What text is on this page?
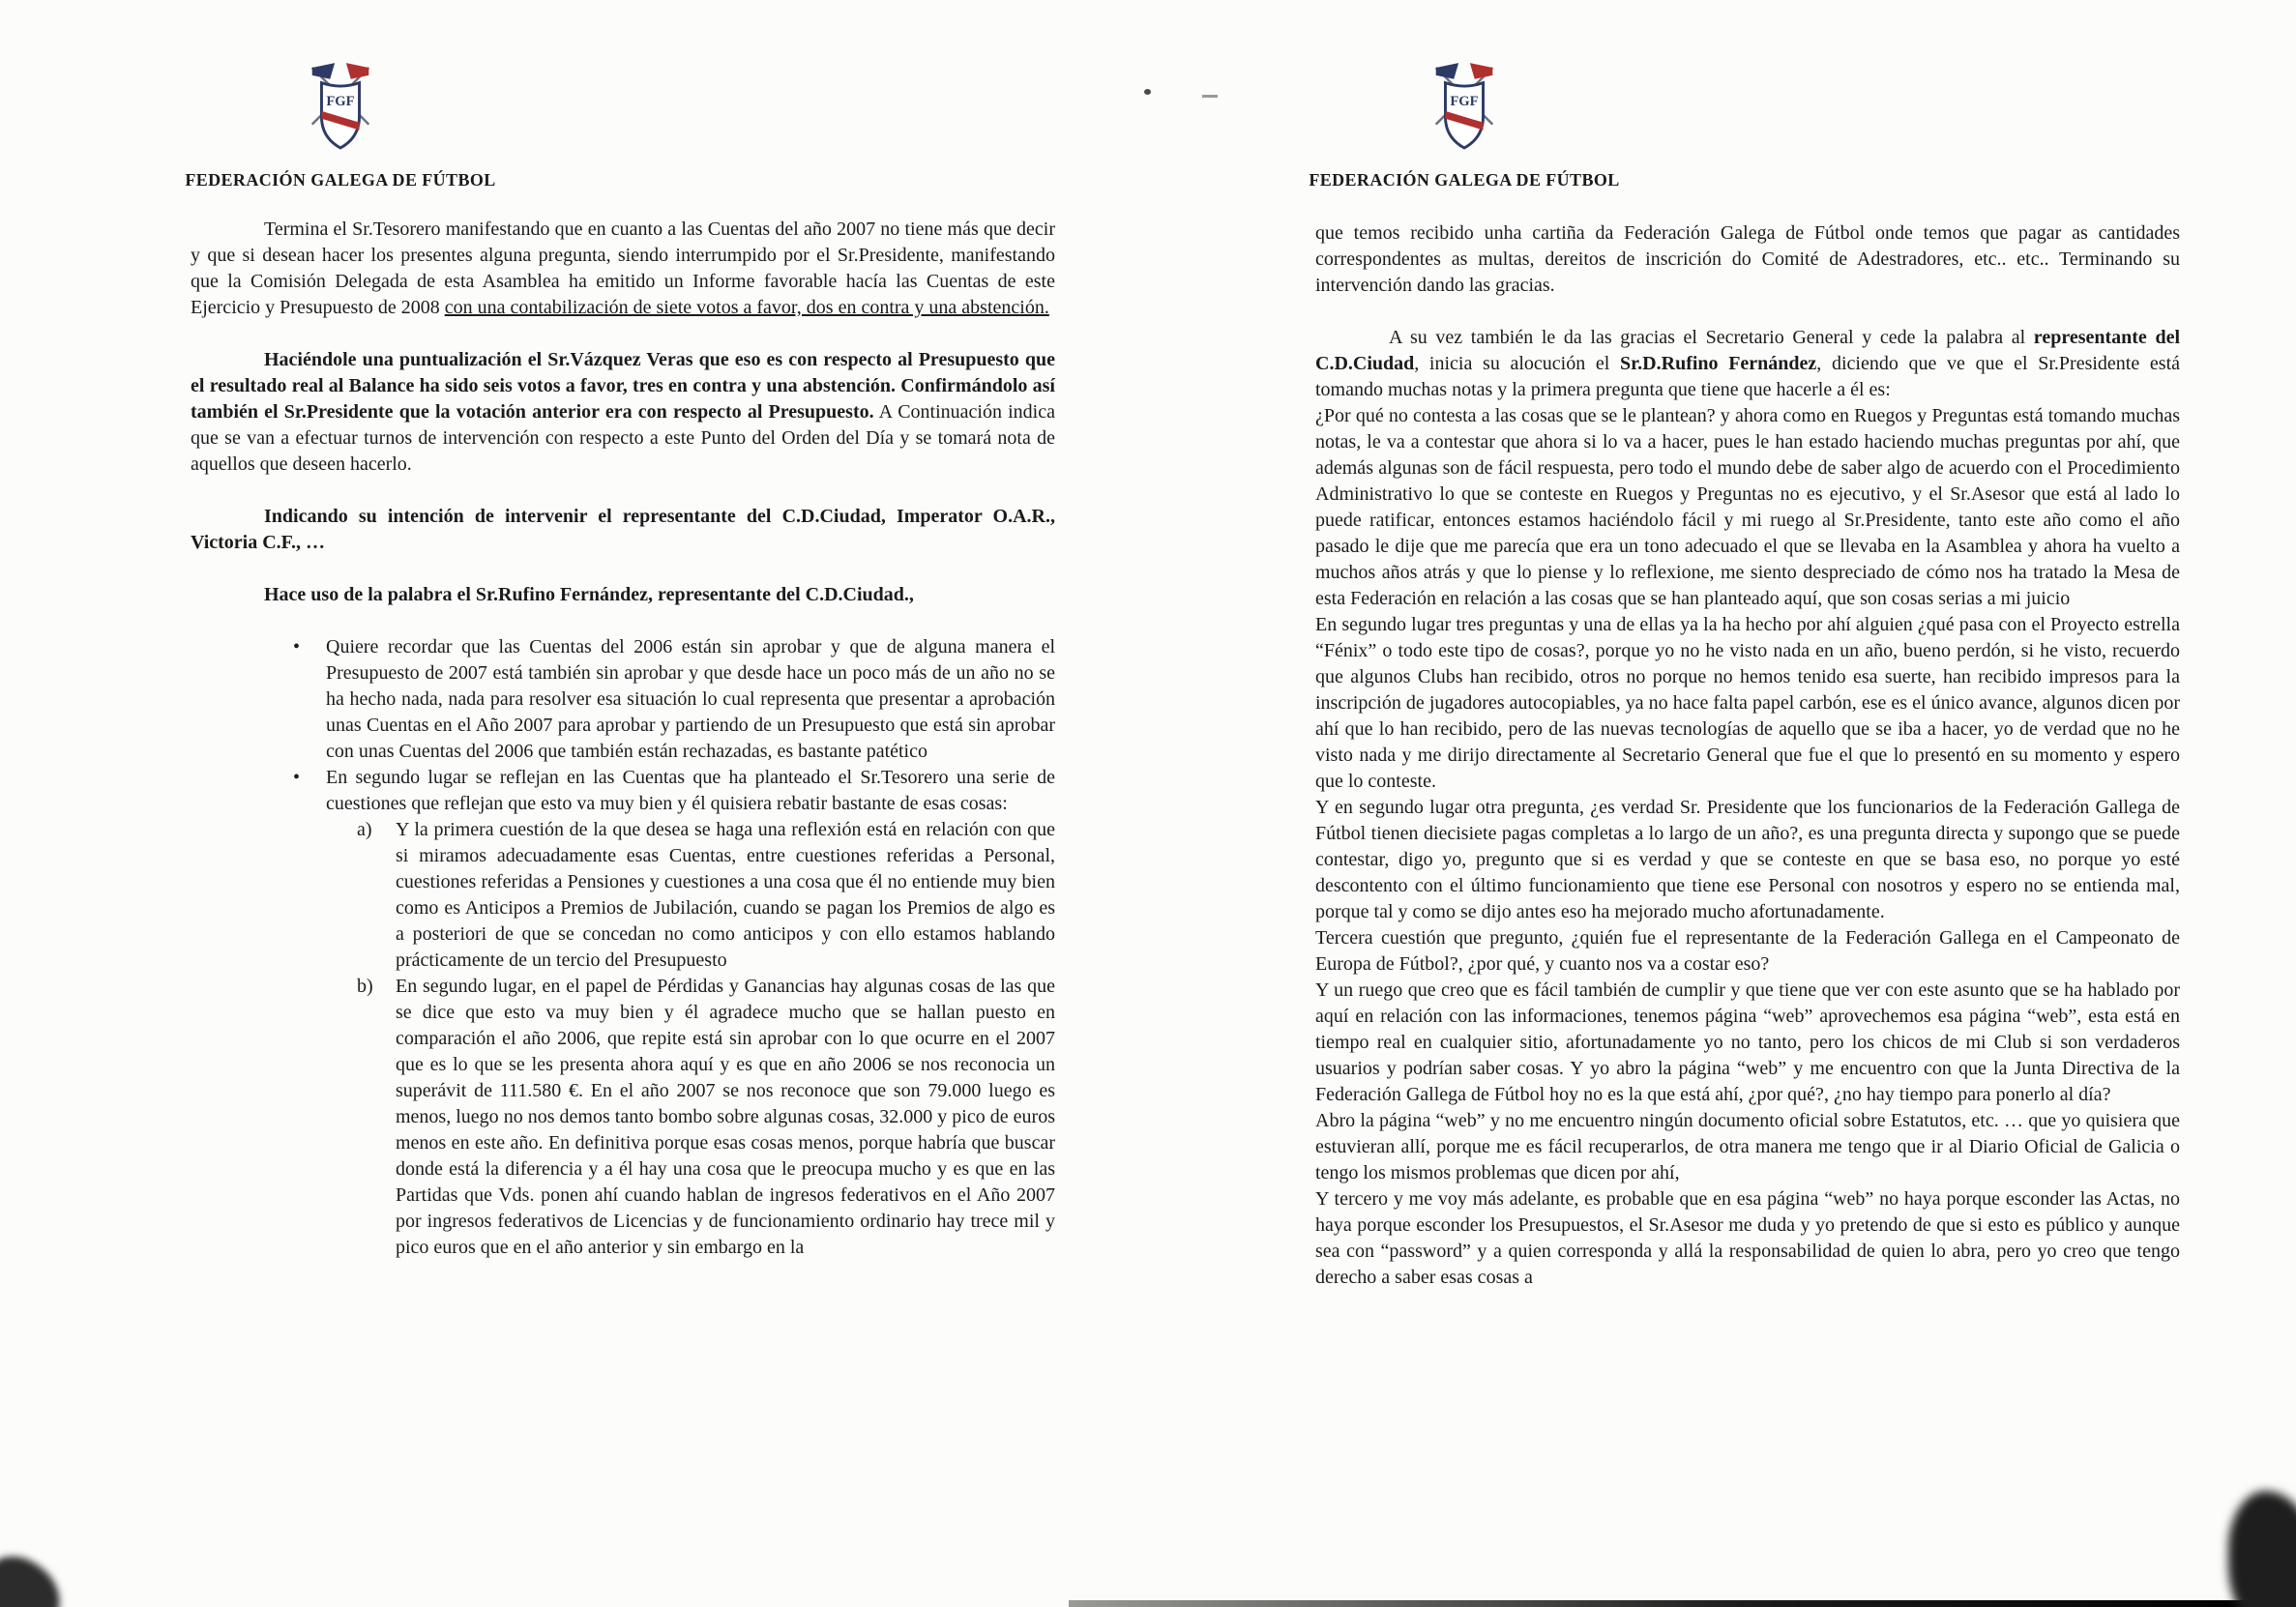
FGF
FEDERACIÓN GALEGA DE FÚTBOL
Termina el Sr.Tesorero manifestando que en cuanto a las Cuentas del año 2007 no tiene más que decir y que si desean hacer los presentes alguna pregunta, siendo interrumpido por el Sr.Presidente, manifestando que la Comisión Delegada de esta Asamblea ha emitido un Informe favorable hacía las Cuentas de este Ejercicio y Presupuesto de 2008 con una contabilización de siete votos a favor, dos en contra y una abstención.
Haciéndole una puntualización el Sr.Vázquez Veras que eso es con respecto al Presupuesto que el resultado real al Balance ha sido seis votos a favor, tres en contra y una abstención. Confirmándolo así también el Sr.Presidente que la votación anterior era con respecto al Presupuesto. A Continuación indica que se van a efectuar turnos de intervención con respecto a este Punto del Orden del Día y se tomará nota de aquellos que deseen hacerlo.
Indicando su intención de intervenir el representante del C.D.Ciudad, Imperator O.A.R., Victoria C.F., …
Hace uso de la palabra el Sr.Rufino Fernández, representante del C.D.Ciudad.,
• Quiere recordar que las Cuentas del 2006 están sin aprobar y que de alguna manera el Presupuesto de 2007 está también sin aprobar y que desde hace un poco más de un año no se ha hecho nada, nada para resolver esa situación lo cual representa que presentar a aprobación unas Cuentas en el Año 2007 para aprobar y partiendo de un Presupuesto que está sin aprobar con unas Cuentas del 2006 que también están rechazadas, es bastante patético
• En segundo lugar se reflejan en las Cuentas que ha planteado el Sr.Tesorero una serie de cuestiones que reflejan que esto va muy bien y él quisiera rebatir bastante de esas cosas:
a) Y la primera cuestión de la que desea se haga una reflexión está en relación con que si miramos adecuadamente esas Cuentas, entre cuestiones referidas a Personal, cuestiones referidas a Pensiones y cuestiones a una cosa que él no entiende muy bien como es Anticipos a Premios de Jubilación, cuando se pagan los Premios de algo es a posteriori de que se concedan no como anticipos y con ello estamos hablando prácticamente de un tercio del Presupuesto
b) En segundo lugar, en el papel de Pérdidas y Ganancias hay algunas cosas de las que se dice que esto va muy bien y él agradece mucho que se hallan puesto en comparación el año 2006, que repite está sin aprobar con lo que ocurre en el 2007 que es lo que se les presenta ahora aquí y es que en año 2006 se nos reconocia un superávit de 111.580 €. En el año 2007 se nos reconoce que son 79.000 luego es menos, luego no nos demos tanto bombo sobre algunas cosas, 32.000 y pico de euros menos en este año. En definitiva porque esas cosas menos, porque habría que buscar donde está la diferencia y a él hay una cosa que le preocupa mucho y es que en las Partidas que Vds. ponen ahí cuando hablan de ingresos federativos en el Año 2007 por ingresos federativos de Licencias y de funcionamiento ordinario hay trece mil y pico euros que en el año anterior y sin embargo en la
FGF
FEDERACIÓN GALEGA DE FÚTBOL
que temos recibido unha cartiña da Federación Galega de Fútbol onde temos que pagar as cantidades correspondentes as multas, dereitos de inscrición do Comité de Adestradores, etc.. etc.. Terminando su intervención dando las gracias.
A su vez también le da las gracias el Secretario General y cede la palabra al representante del C.D.Ciudad, inicia su alocución el Sr.D.Rufino Fernández, diciendo que ve que el Sr.Presidente está tomando muchas notas y la primera pregunta que tiene que hacerle a él es:
¿Por qué no contesta a las cosas que se le plantean? y ahora como en Ruegos y Preguntas está tomando muchas notas, le va a contestar que ahora si lo va a hacer, pues le han estado haciendo muchas preguntas por ahí, que además algunas son de fácil respuesta, pero todo el mundo debe de saber algo de acuerdo con el Procedimiento Administrativo lo que se conteste en Ruegos y Preguntas no es ejecutivo, y el Sr.Asesor que está al lado lo puede ratificar, entonces estamos haciéndolo fácil y mi ruego al Sr.Presidente, tanto este año como el año pasado le dije que me parecía que era un tono adecuado el que se llevaba en la Asamblea y ahora ha vuelto a muchos años atrás y que lo piense y lo reflexione, me siento despreciado de cómo nos ha tratado la Mesa de esta Federación en relación a las cosas que se han planteado aquí, que son cosas serias a mi juicio
En segundo lugar tres preguntas y una de ellas ya la ha hecho por ahí alguien ¿qué pasa con el Proyecto estrella “Fénix” o todo este tipo de cosas?, porque yo no he visto nada en un año, bueno perdón, si he visto, recuerdo que algunos Clubs han recibido, otros no porque no hemos tenido esa suerte, han recibido impresos para la inscripción de jugadores autocopiables, ya no hace falta papel carbón, ese es el único avance, algunos dicen por ahí que lo han recibido, pero de las nuevas tecnologías de aquello que se iba a hacer, yo de verdad que no he visto nada y me dirijo directamente al Secretario General que fue el que lo presentó en su momento y espero que lo conteste.
Y en segundo lugar otra pregunta, ¿es verdad Sr. Presidente que los funcionarios de la Federación Gallega de Fútbol tienen diecisiete pagas completas a lo largo de un año?, es una pregunta directa y supongo que se puede contestar, digo yo, pregunto que si es verdad y que se conteste en que se basa eso, no porque yo esté descontento con el último funcionamiento que tiene ese Personal con nosotros y espero no se entienda mal, porque tal y como se dijo antes eso ha mejorado mucho afortunadamente.
Tercera cuestión que pregunto, ¿quién fue el representante de la Federación Gallega en el Campeonato de Europa de Fútbol?, ¿por qué, y cuanto nos va a costar eso?
Y un ruego que creo que es fácil también de cumplir y que tiene que ver con este asunto que se ha hablado por aquí en relación con las informaciones, tenemos página “web” aprovechemos esa página “web”, esta está en tiempo real en cualquier sitio, afortunadamente yo no tanto, pero los chicos de mi Club si son verdaderos usuarios y podrían saber cosas. Y yo abro la página “web” y me encuentro con que la Junta Directiva de la Federación Gallega de Fútbol hoy no es la que está ahí, ¿por qué?, ¿no hay tiempo para ponerlo al día?
Abro la página “web” y no me encuentro ningún documento oficial sobre Estatutos, etc. … que yo quisiera que estuvieran allí, porque me es fácil recuperarlos, de otra manera me tengo que ir al Diario Oficial de Galicia o tengo los mismos problemas que dicen por ahí,
Y tercero y me voy más adelante, es probable que en esa página “web” no haya porque esconder las Actas, no haya porque esconder los Presupuestos, el Sr.Asesor me duda y yo pretendo de que si esto es público y aunque sea con “password” y a quien corresponda y allá la responsabilidad de quien lo abra, pero yo creo que tengo derecho a saber esas cosas a
